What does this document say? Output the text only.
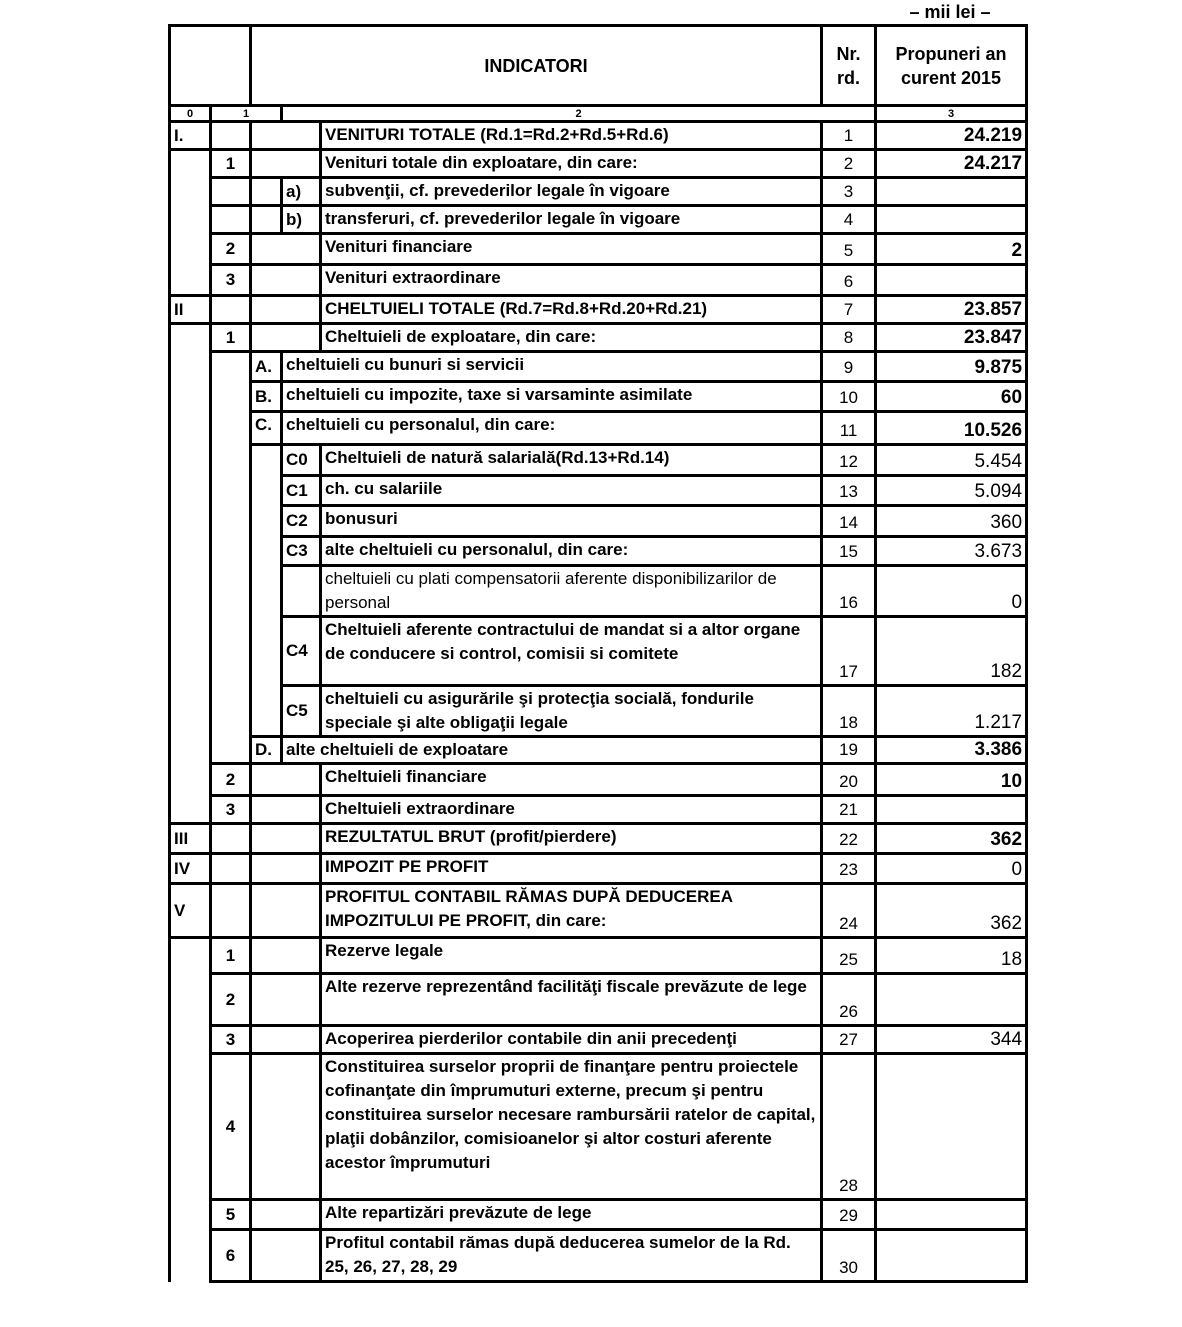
– mii lei –
		INDICATORI			Nr.
rd.	Propuneri an
curent 2015	
0	1		2			3	
I.				VENITURI TOTALE (Rd.1=Rd.2+Rd.5+Rd.6)	1	24.219	
	1			Venituri totale din exploatare, din care:	2	24.217	
			a)	subvenţii, cf. prevederilor legale în vigoare	3		
			b)	transferuri, cf. prevederilor legale în vigoare	4		
	2			Venituri financiare	5	2	
	3			Venituri extraordinare	6		
II				CHELTUIELI TOTALE (Rd.7=Rd.8+Rd.20+Rd.21)	7	23.857	
	1			Cheltuieli de exploatare, din care:	8	23.847	
		A.	cheltuieli cu bunuri si servicii		9	9.875	
		B.	cheltuieli cu impozite, taxe si varsaminte asimilate		10	60	
		C.	cheltuieli cu personalul, din care:		11	10.526	
			C0	Cheltuieli de natură salarială(Rd.13+Rd.14)	12	5.454	
			C1	ch. cu salariile	13	5.094	
			C2	bonusuri	14	360	
			C3	alte cheltuieli cu personalul, din care:	15	3.673	
				cheltuieli cu plati compensatorii aferente disponibilizarilor de personal	16	0	
			C4	Cheltuieli aferente contractului de mandat si a altor organe de conducere si control, comisii si comitete	17	182	
			C5	cheltuieli cu asigurările şi protecţia socială, fondurile speciale şi alte obligaţii legale	18	1.217	
		D.	alte cheltuieli de exploatare		19	3.386	
	2			Cheltuieli financiare	20	10	
	3			Cheltuieli extraordinare	21		
III				REZULTATUL BRUT (profit/pierdere)	22	362	
IV				IMPOZIT PE PROFIT	23	0	
V				PROFITUL CONTABIL RĂMAS DUPĂ DEDUCEREA IMPOZITULUI PE PROFIT, din care:	24	362	
	1			Rezerve legale	25	18	
	2			Alte rezerve reprezentând facilităţi fiscale prevăzute de lege	26		
	3			Acoperirea pierderilor contabile din anii precedenţi	27	344	
	4			Constituirea surselor proprii de finanţare pentru proiectele cofinanţate din împrumuturi externe, precum şi pentru constituirea surselor necesare rambursării ratelor de capital, plaţii dobânzilor, comisioanelor şi altor costuri aferente acestor împrumuturi	28		
	5			Alte repartizări prevăzute de lege	29		
	6			Profitul contabil rămas după deducerea sumelor de la Rd. 25, 26, 27, 28, 29	30		
